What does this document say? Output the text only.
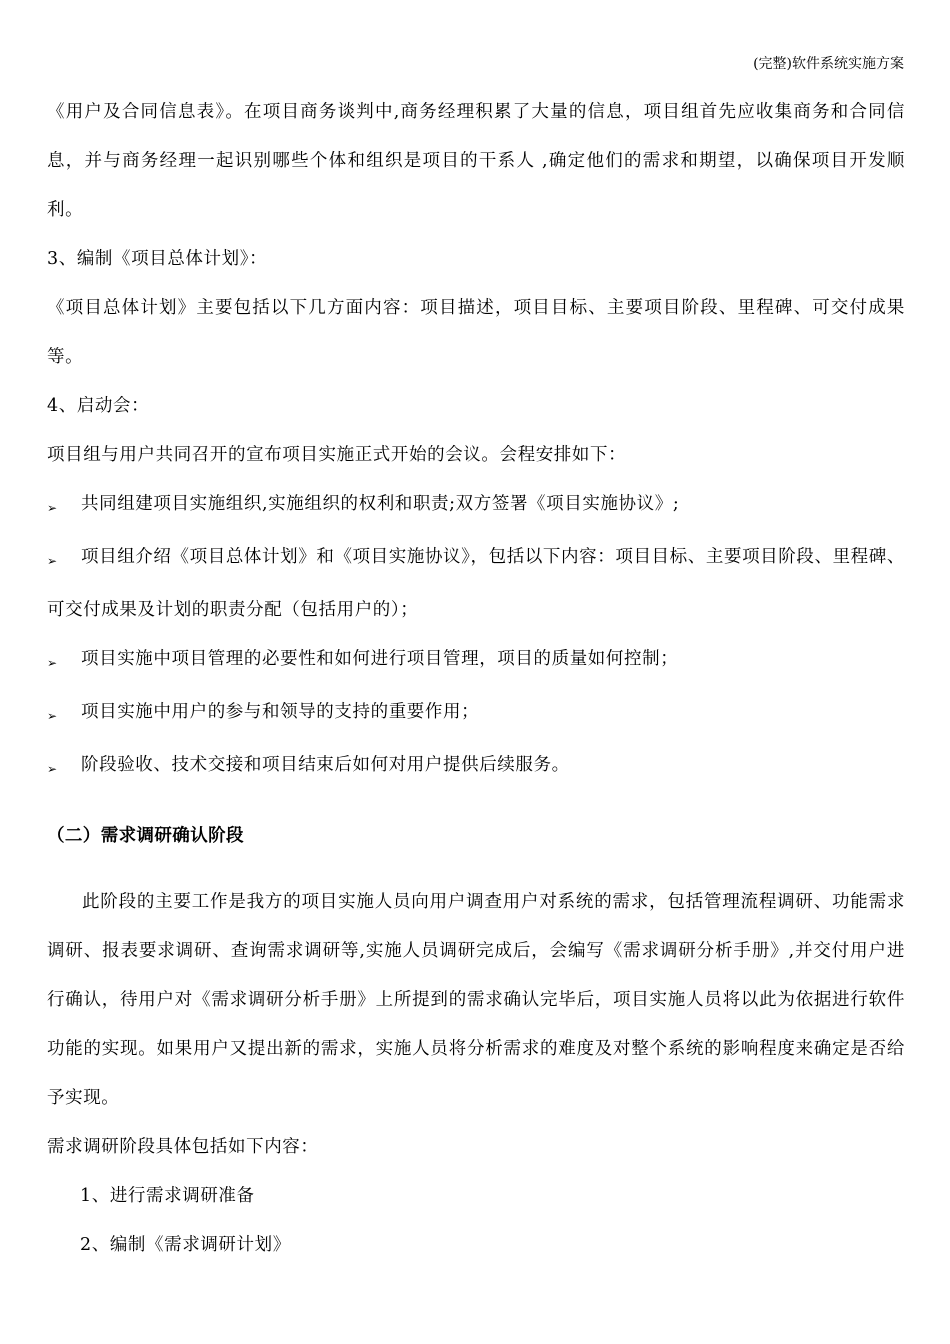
(完整)软件系统实施方案

《用户及合同信息表》。在项目商务谈判中,商务经理积累了大量的信息，项目组首先应收集商务和合同信息，并与商务经理一起识别哪些个体和组织是项目的干系人 ,确定他们的需求和期望，以确保项目开发顺利。

3、编制《项目总体计划》：

《项目总体计划》主要包括以下几方面内容：项目描述，项目目标、主要项目阶段、里程碑、可交付成果等。

4、启动会：

项目组与用户共同召开的宣布项目实施正式开始的会议。会程安排如下：

➢ 共同组建项目实施组织,实施组织的权利和职责;双方签署《项目实施协议》;

➢ 项目组介绍《项目总体计划》和《项目实施协议》，包括以下内容：项目目标、主要项目阶段、里程碑、可交付成果及计划的职责分配（包括用户的）；

➢ 项目实施中项目管理的必要性和如何进行项目管理，项目的质量如何控制；

➢ 项目实施中用户的参与和领导的支持的重要作用；

➢ 阶段验收、技术交接和项目结束后如何对用户提供后续服务。

（二）需求调研确认阶段

此阶段的主要工作是我方的项目实施人员向用户调查用户对系统的需求，包括管理流程调研、功能需求调研、报表要求调研、查询需求调研等,实施人员调研完成后，会编写《需求调研分析手册》,并交付用户进行确认，待用户对《需求调研分析手册》上所提到的需求确认完毕后，项目实施人员将以此为依据进行软件功能的实现。如果用户又提出新的需求，实施人员将分析需求的难度及对整个系统的影响程度来确定是否给予实现。

需求调研阶段具体包括如下内容：

1、进行需求调研准备

2、编制《需求调研计划》
